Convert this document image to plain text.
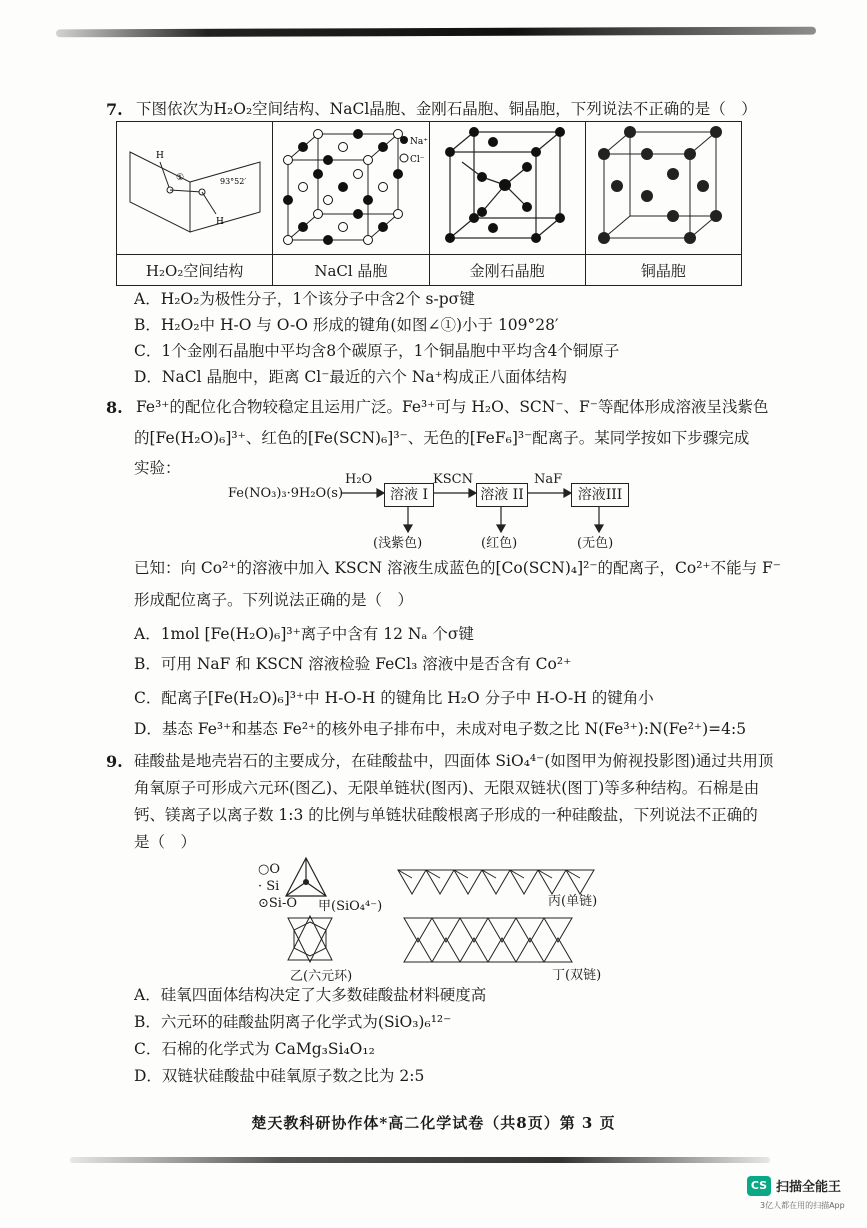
7. 下图依次为H₂O₂空间结构、NaCl晶胞、金刚石晶胞、铜晶胞，下列说法不正确的是（　）
H
H
① 93°52′	Na⁺
Cl⁻

H₂O₂空间结构	NaCl 晶胞	金刚石晶胞	铜晶胞
A．H₂O₂为极性分子，1个该分子中含2个 s-pσ键
B．H₂O₂中 H-O 与 O-O 形成的键角(如图∠①)小于 109°28′
C．1个金刚石晶胞中平均含8个碳原子，1个铜晶胞中平均含4个铜原子
D．NaCl 晶胞中，距离 Cl⁻最近的六个 Na⁺构成正八面体结构
8. Fe³⁺的配位化合物较稳定且运用广泛。Fe³⁺可与 H₂O、SCN⁻、F⁻等配体形成溶液呈浅紫色
的[Fe(H₂O)₆]³⁺、红色的[Fe(SCN)₆]³⁻、无色的[FeF₆]³⁻配离子。某同学按如下步骤完成
实验：
Fe(NO₃)₃·9H₂O(s)
H₂O	KSCN	NaF
溶液 I	溶液 II	溶液III
(浅紫色)	(红色)	(无色)
已知：向 Co²⁺的溶液中加入 KSCN 溶液生成蓝色的[Co(SCN)₄]²⁻的配离子，Co²⁺不能与 F⁻
形成配位离子。下列说法正确的是（　）
A．1mol [Fe(H₂O)₆]³⁺离子中含有 12 Nₐ 个σ键
B．可用 NaF 和 KSCN 溶液检验 FeCl₃ 溶液中是否含有 Co²⁺
C．配离子[Fe(H₂O)₆]³⁺中 H-O-H 的键角比 H₂O 分子中 H-O-H 的键角小
D．基态 Fe³⁺和基态 Fe²⁺的核外电子排布中，未成对电子数之比 N(Fe³⁺):N(Fe²⁺)=4:5
9. 硅酸盐是地壳岩石的主要成分，在硅酸盐中，四面体 SiO₄⁴⁻(如图甲为俯视投影图)通过共用顶
角氧原子可形成六元环(图乙)、无限单链状(图丙)、无限双链状(图丁)等多种结构。石棉是由
钙、镁离子以离子数 1:3 的比例与单链状硅酸根离子形成的一种硅酸盐，下列说法不正确的
是（　）
○O
· Si
⊙Si-O 甲(SiO₄⁴⁻)	丙(单链)
乙(六元环)	丁(双链)
A．硅氧四面体结构决定了大多数硅酸盐材料硬度高
B．六元环的硅酸盐阴离子化学式为(SiO₃)₆¹²⁻
C．石棉的化学式为 CaMg₃Si₄O₁₂
D．双链状硅酸盐中硅氧原子数之比为 2:5
楚天教科研协作体*高二化学试卷（共8页）第 3 页
CS 扫描全能王
3亿人都在用的扫描App
